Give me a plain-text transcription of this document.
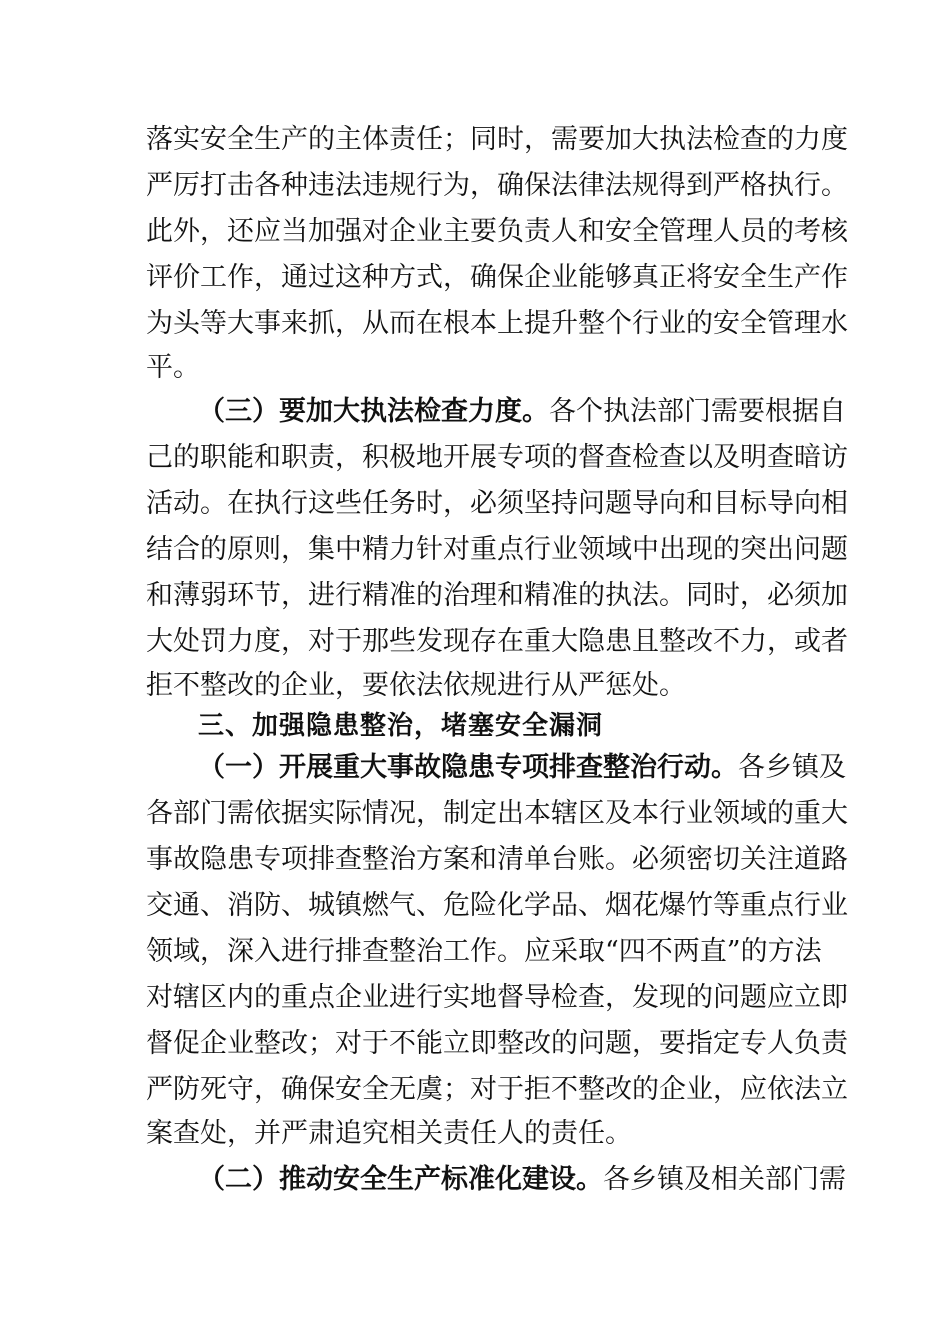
落实安全生产的主体责任；同时，需要加大执法检查的力度
严厉打击各种违法违规行为，确保法律法规得到严格执行。
此外，还应当加强对企业主要负责人和安全管理人员的考核
评价工作，通过这种方式，确保企业能够真正将安全生产作
为头等大事来抓，从而在根本上提升整个行业的安全管理水
平。
（三）要加大执法检查力度。各个执法部门需要根据自
己的职能和职责，积极地开展专项的督查检查以及明查暗访
活动。在执行这些任务时，必须坚持问题导向和目标导向相
结合的原则，集中精力针对重点行业领域中出现的突出问题
和薄弱环节，进行精准的治理和精准的执法。同时，必须加
大处罚力度，对于那些发现存在重大隐患且整改不力，或者
拒不整改的企业，要依法依规进行从严惩处。
三、加强隐患整治，堵塞安全漏洞
（一）开展重大事故隐患专项排查整治行动。各乡镇及
各部门需依据实际情况，制定出本辖区及本行业领域的重大
事故隐患专项排查整治方案和清单台账。必须密切关注道路
交通、消防、城镇燃气、危险化学品、烟花爆竹等重点行业
领域，深入进行排查整治工作。应采取“四不两直”的方法
对辖区内的重点企业进行实地督导检查，发现的问题应立即
督促企业整改；对于不能立即整改的问题，要指定专人负责
严防死守，确保安全无虞；对于拒不整改的企业，应依法立
案查处，并严肃追究相关责任人的责任。
（二）推动安全生产标准化建设。各乡镇及相关部门需
